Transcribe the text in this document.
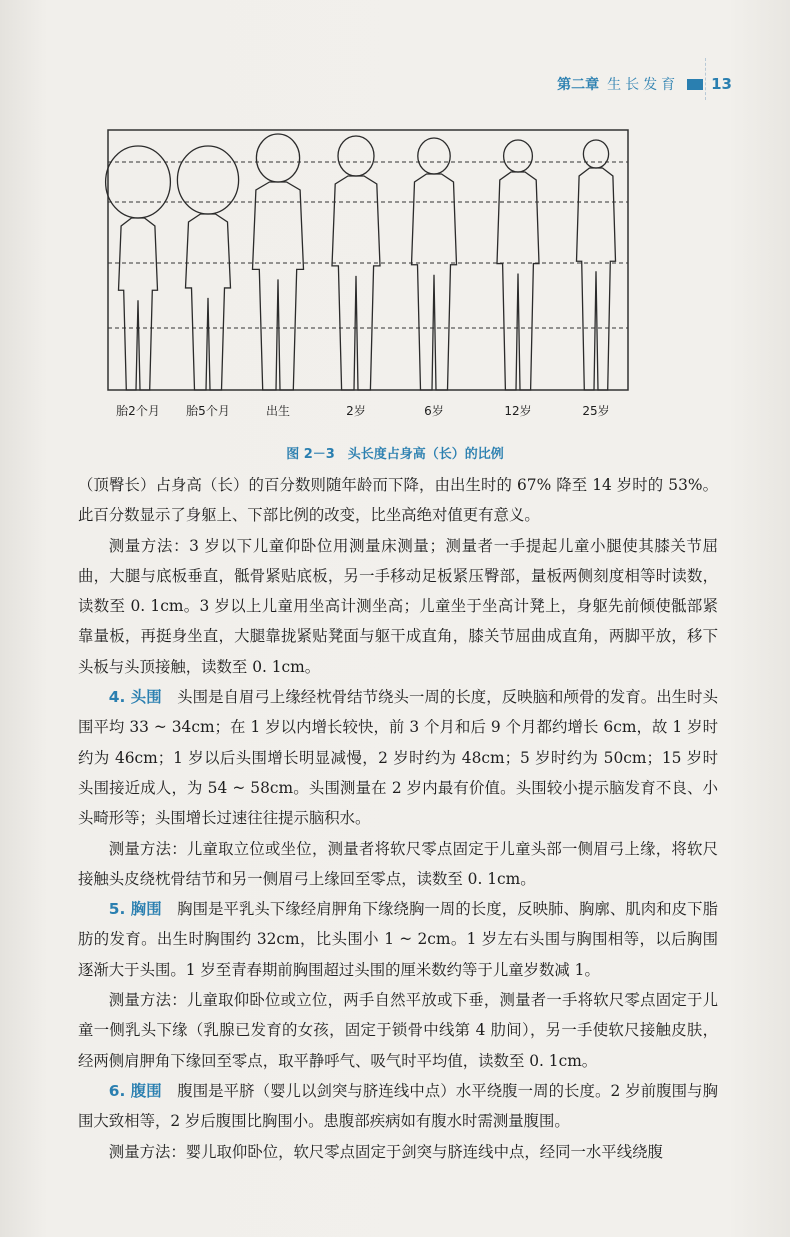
第二章 生长发育 13
胎2个月 胎5个月	出生	2岁	6岁	12岁	25岁
图 2－3　头长度占身高（长）的比例

（顶臀长）占身高（长）的百分数则随年龄而下降，由出生时的 67% 降至 14 岁时的 53%。此百分数显示了身躯上、下部比例的改变，比坐高绝对值更有意义。

测量方法：3 岁以下儿童仰卧位用测量床测量；测量者一手提起儿童小腿使其膝关节屈曲，大腿与底板垂直，骶骨紧贴底板，另一手移动足板紧压臀部，量板两侧刻度相等时读数，读数至 0. 1cm。3 岁以上儿童用坐高计测坐高；儿童坐于坐高计凳上，身躯先前倾使骶部紧靠量板，再挺身坐直，大腿靠拢紧贴凳面与躯干成直角，膝关节屈曲成直角，两脚平放，移下头板与头顶接触，读数至 0. 1cm。

4. 头围　 头围是自眉弓上缘经枕骨结节绕头一周的长度，反映脑和颅骨的发育。出生时头围平均 33 ~ 34cm；在 1 岁以内增长较快，前 3 个月和后 9 个月都约增长 6cm，故 1 岁时约为 46cm；1 岁以后头围增长明显减慢，2 岁时约为 48cm；5 岁时约为 50cm；15 岁时头围接近成人，为 54 ~ 58cm。头围测量在 2 岁内最有价值。头围较小提示脑发育不良、小头畸形等；头围增长过速往往提示脑积水。

测量方法：儿童取立位或坐位，测量者将软尺零点固定于儿童头部一侧眉弓上缘，将软尺接触头皮绕枕骨结节和另一侧眉弓上缘回至零点，读数至 0. 1cm。

5. 胸围　 胸围是平乳头下缘经肩胛角下缘绕胸一周的长度，反映肺、胸廓、肌肉和皮下脂肪的发育。出生时胸围约 32cm，比头围小 1 ~ 2cm。1 岁左右头围与胸围相等，以后胸围逐渐大于头围。1 岁至青春期前胸围超过头围的厘米数约等于儿童岁数减 1。

测量方法：儿童取仰卧位或立位，两手自然平放或下垂，测量者一手将软尺零点固定于儿童一侧乳头下缘（乳腺已发育的女孩，固定于锁骨中线第 4 肋间），另一手使软尺接触皮肤，经两侧肩胛角下缘回至零点，取平静呼气、吸气时平均值，读数至 0. 1cm。

6. 腹围　 腹围是平脐（婴儿以剑突与脐连线中点）水平绕腹一周的长度。2 岁前腹围与胸围大致相等，2 岁后腹围比胸围小。患腹部疾病如有腹水时需测量腹围。

测量方法：婴儿取仰卧位，软尺零点固定于剑突与脐连线中点，经同一水平线绕腹
